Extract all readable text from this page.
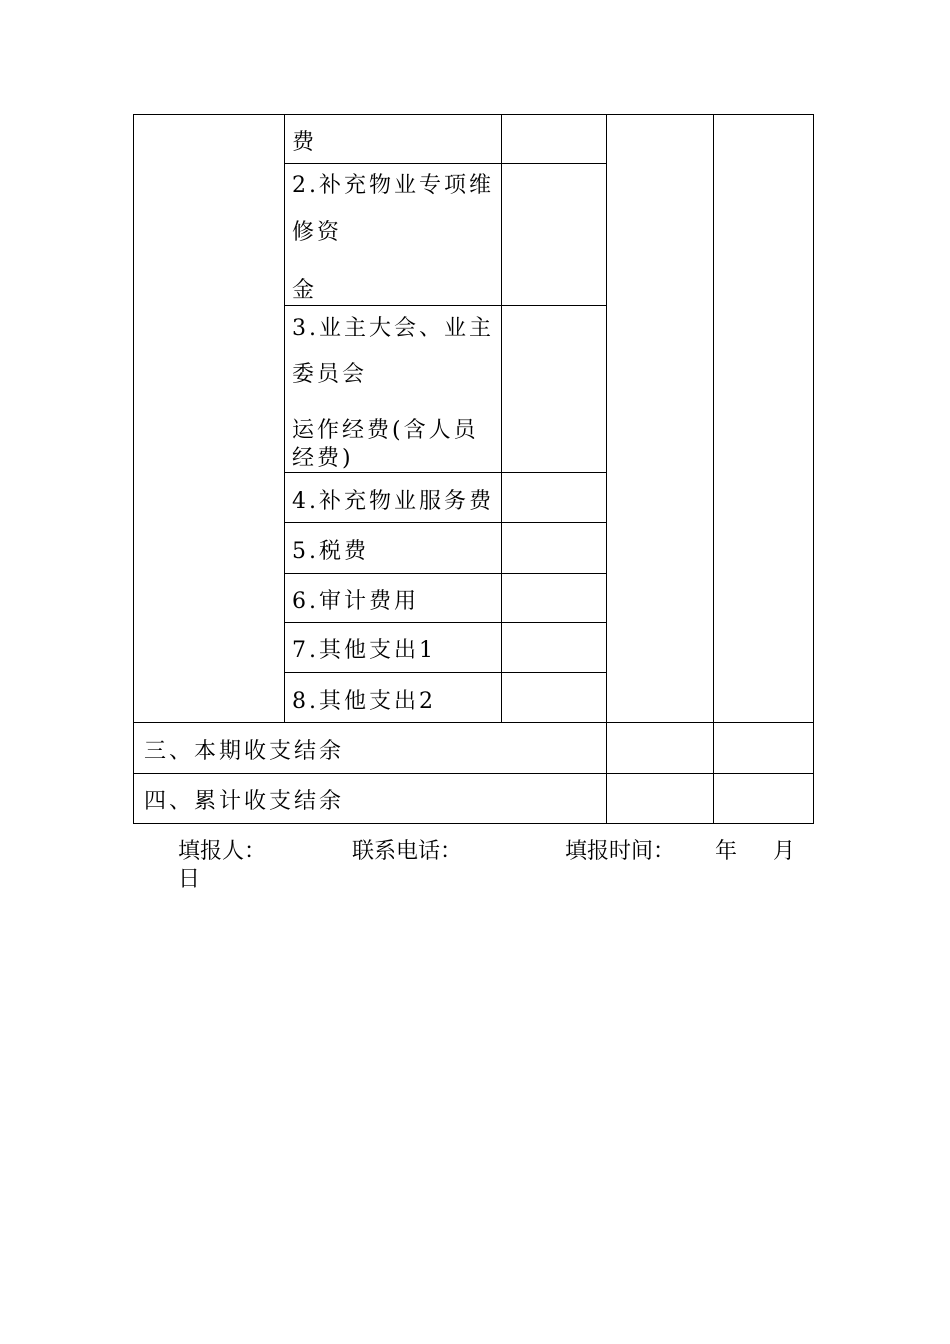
费
2.补充物业专项维
修资
金
3.业主大会、业主
委员会
运作经费(含人员
经费)
4.补充物业服务费
5.税费
6.审计费用
7.其他支出1
8.其他支出2
三、本期收支结余
四、累计收支结余
填报人：	联系电话：	填报时间： 年 月
日
